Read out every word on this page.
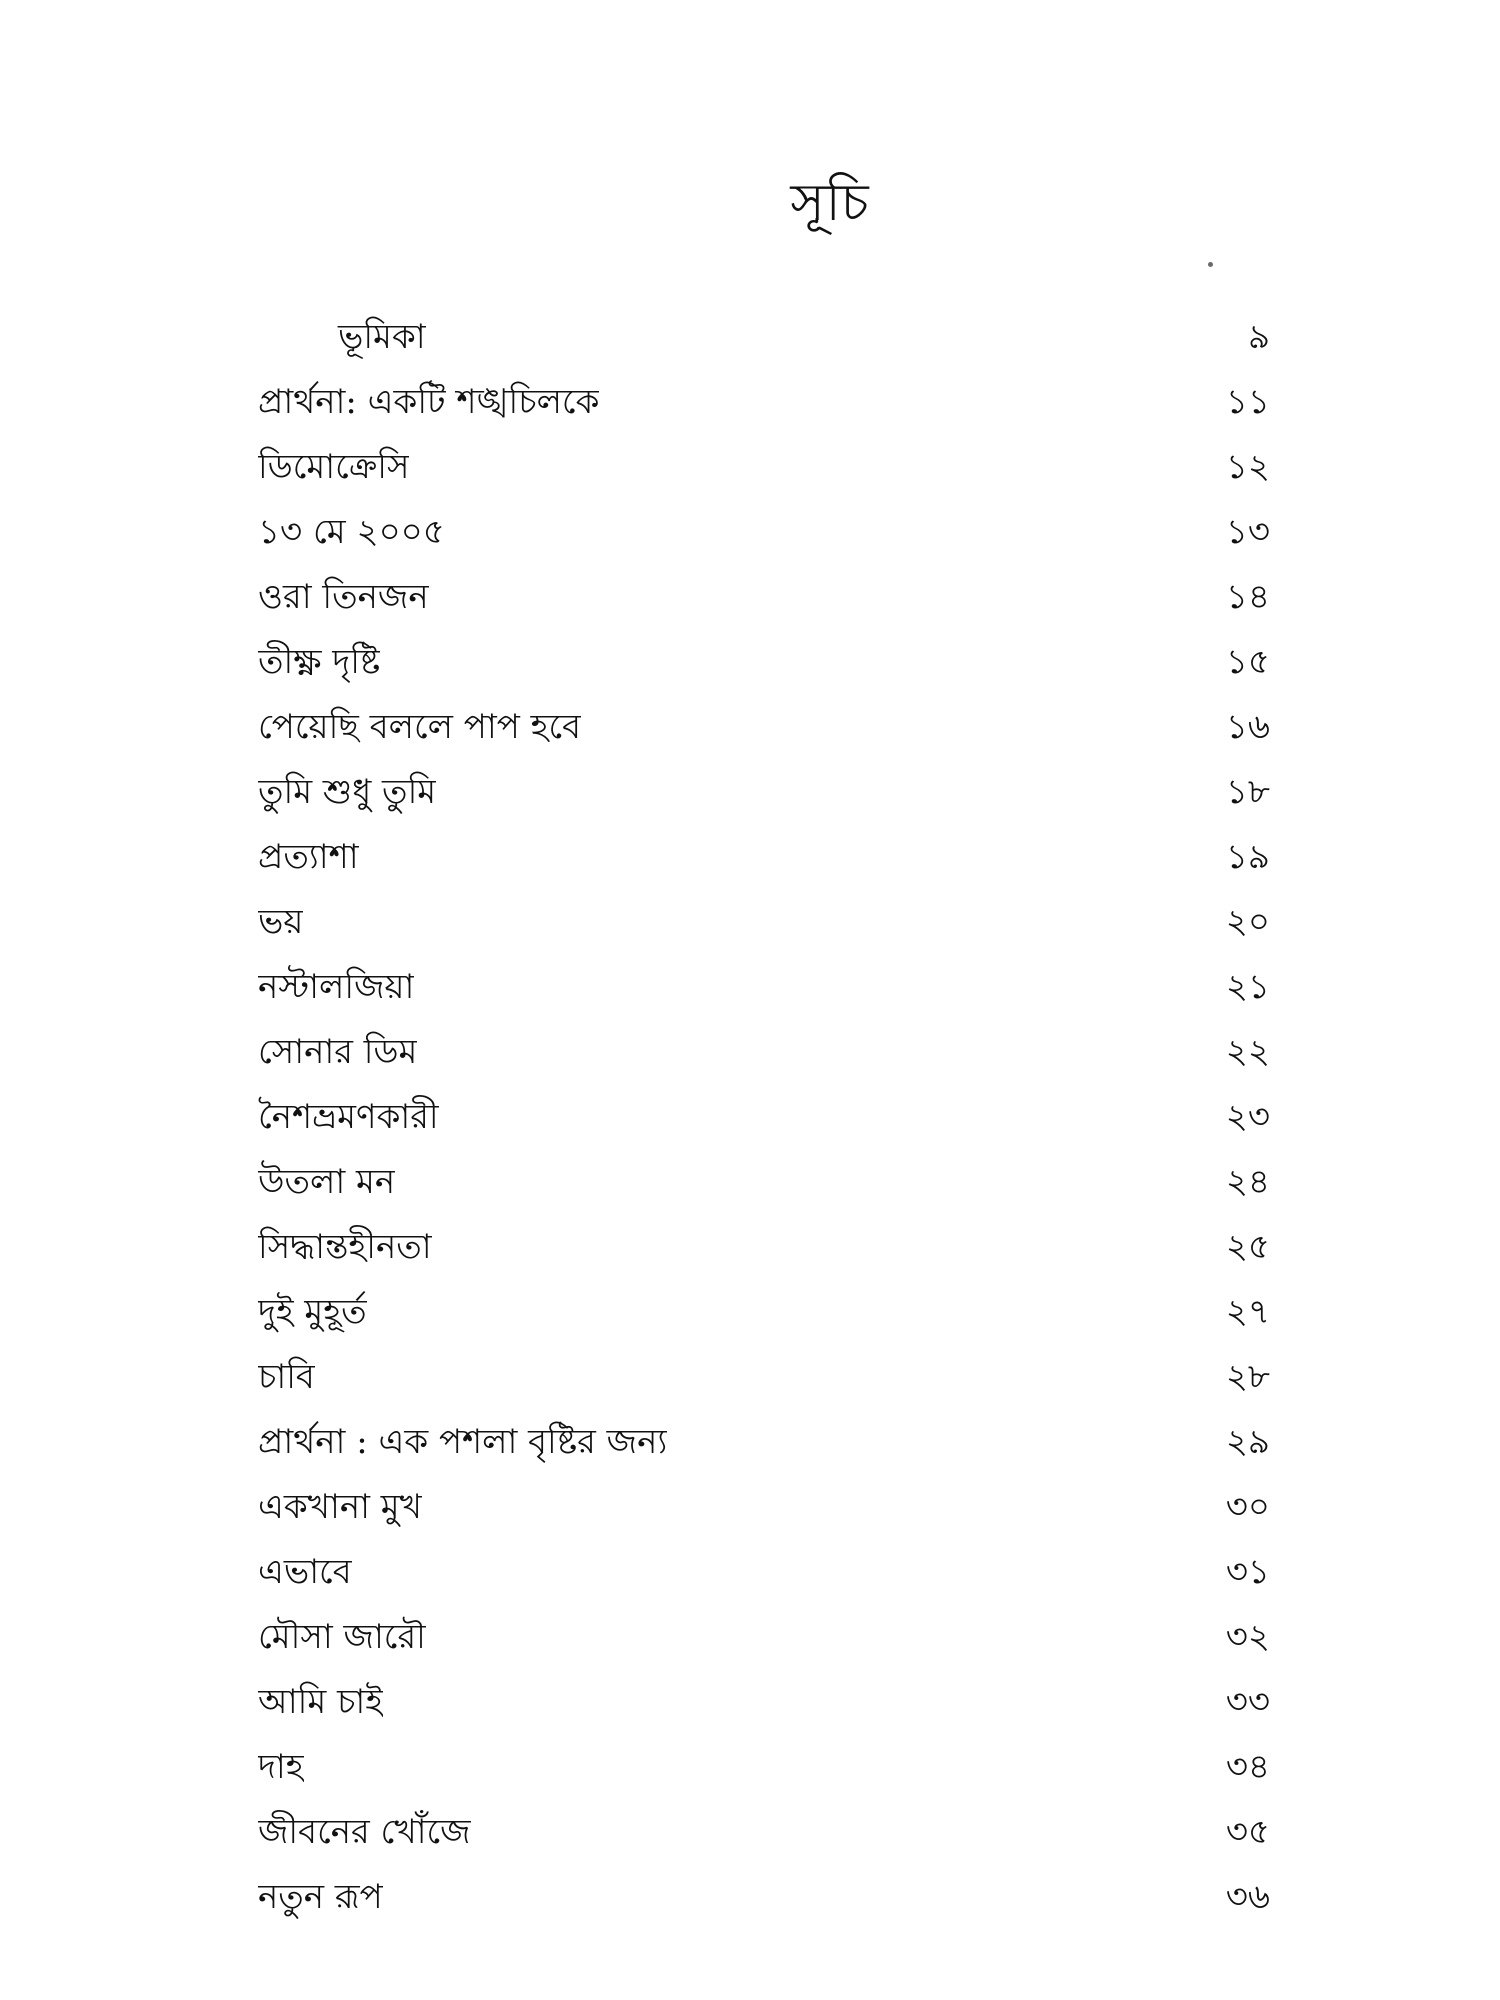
সূচি
ভূমিকা	৯
প্রার্থনা: একটি শঙ্খচিলকে	১১
ডিমোক্রেসি	১২
১৩ মে ২০০৫	১৩
ওরা তিনজন	১৪
তীক্ষ্ণ দৃষ্টি	১৫
পেয়েছি বললে পাপ হবে	১৬
তুমি শুধু তুমি	১৮
প্রত্যাশা	১৯
ভয়	২০
নস্টালজিয়া	২১
সোনার ডিম	২২
নৈশভ্রমণকারী	২৩
উতলা মন	২৪
সিদ্ধান্তহীনতা	২৫
দুই মুহূর্ত	২৭
চাবি	২৮
প্রার্থনা : এক পশলা বৃষ্টির জন্য	২৯
একখানা মুখ	৩০
এভাবে	৩১
মৌসা জারৌ	৩২
আমি চাই	৩৩
দাহ	৩৪
জীবনের খোঁজে	৩৫
নতুন রূপ	৩৬
